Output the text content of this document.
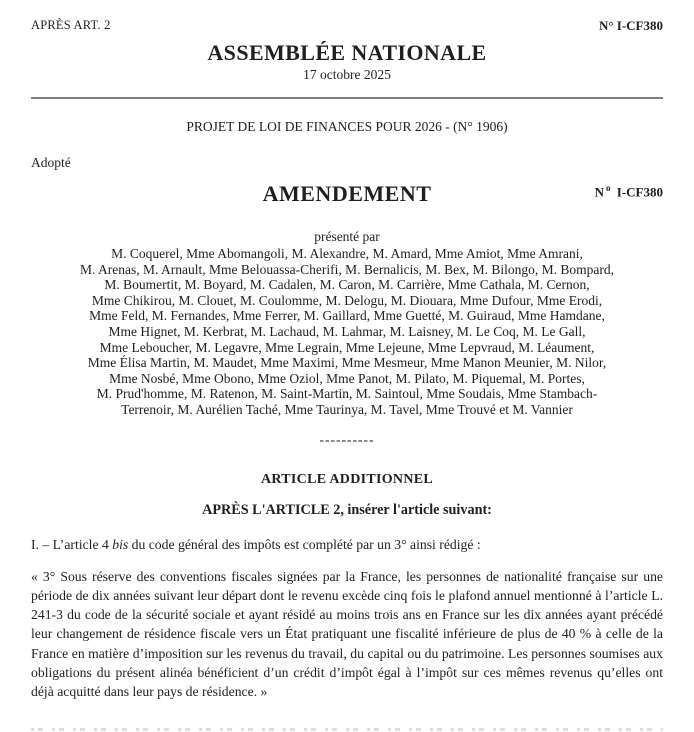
APRÈS ART. 2	N° I-CF380
ASSEMBLÉE NATIONALE
17 octobre 2025
PROJET DE LOI DE FINANCES POUR 2026 - (N° 1906)
Adopté
AMENDEMENT	N $^o$ I-CF380
présenté par
M. Coquerel, Mme Abomangoli, M. Alexandre, M. Amard, Mme Amiot, Mme Amrani,
M. Arenas, M. Arnault, Mme Belouassa-Cherifi, M. Bernalicis, M. Bex, M. Bilongo, M. Bompard,
M. Boumertit, M. Boyard, M. Cadalen, M. Caron, M. Carrière, Mme Cathala, M. Cernon,
Mme Chikirou, M. Clouet, M. Coulomme, M. Delogu, M. Diouara, Mme Dufour, Mme Erodi,
Mme Feld, M. Fernandes, Mme Ferrer, M. Gaillard, Mme Guetté, M. Guiraud, Mme Hamdane,
Mme Hignet, M. Kerbrat, M. Lachaud, M. Lahmar, M. Laisney, M. Le Coq, M. Le Gall,
Mme Leboucher, M. Legavre, Mme Legrain, Mme Lejeune, Mme Lepvraud, M. Léaument,
Mme Élisa Martin, M. Maudet, Mme Maximi, Mme Mesmeur, Mme Manon Meunier, M. Nilor,
Mme Nosbé, Mme Obono, Mme Oziol, Mme Panot, M. Pilato, M. Piquemal, M. Portes,
M. Prud'homme, M. Ratenon, M. Saint-Martin, M. Saintoul, Mme Soudais, Mme Stambach-
Terrenoir, M. Aurélien Taché, Mme Taurinya, M. Tavel, Mme Trouvé et M. Vannier
----------
ARTICLE ADDITIONNEL
APRÈS L'ARTICLE 2, insérer l'article suivant:
I. – L’article 4 bis du code général des impôts est complété par un 3° ainsi rédigé :
« 3° Sous réserve des conventions fiscales signées par la France, les personnes de nationalité française sur une période de dix années suivant leur départ dont le revenu excède cinq fois le plafond annuel mentionné à l’article L. 241-3 du code de la sécurité sociale et ayant résidé au moins trois ans en France sur les dix années ayant précédé leur changement de résidence fiscale vers un État pratiquant une fiscalité inférieure de plus de 40 % à celle de la France en matière d’imposition sur les revenus du travail, du capital ou du patrimoine. Les personnes soumises aux obligations du présent alinéa bénéficient d’un crédit d’impôt égal à l’impôt sur ces mêmes revenus qu’elles ont déjà acquitté dans leur pays de résidence. »
